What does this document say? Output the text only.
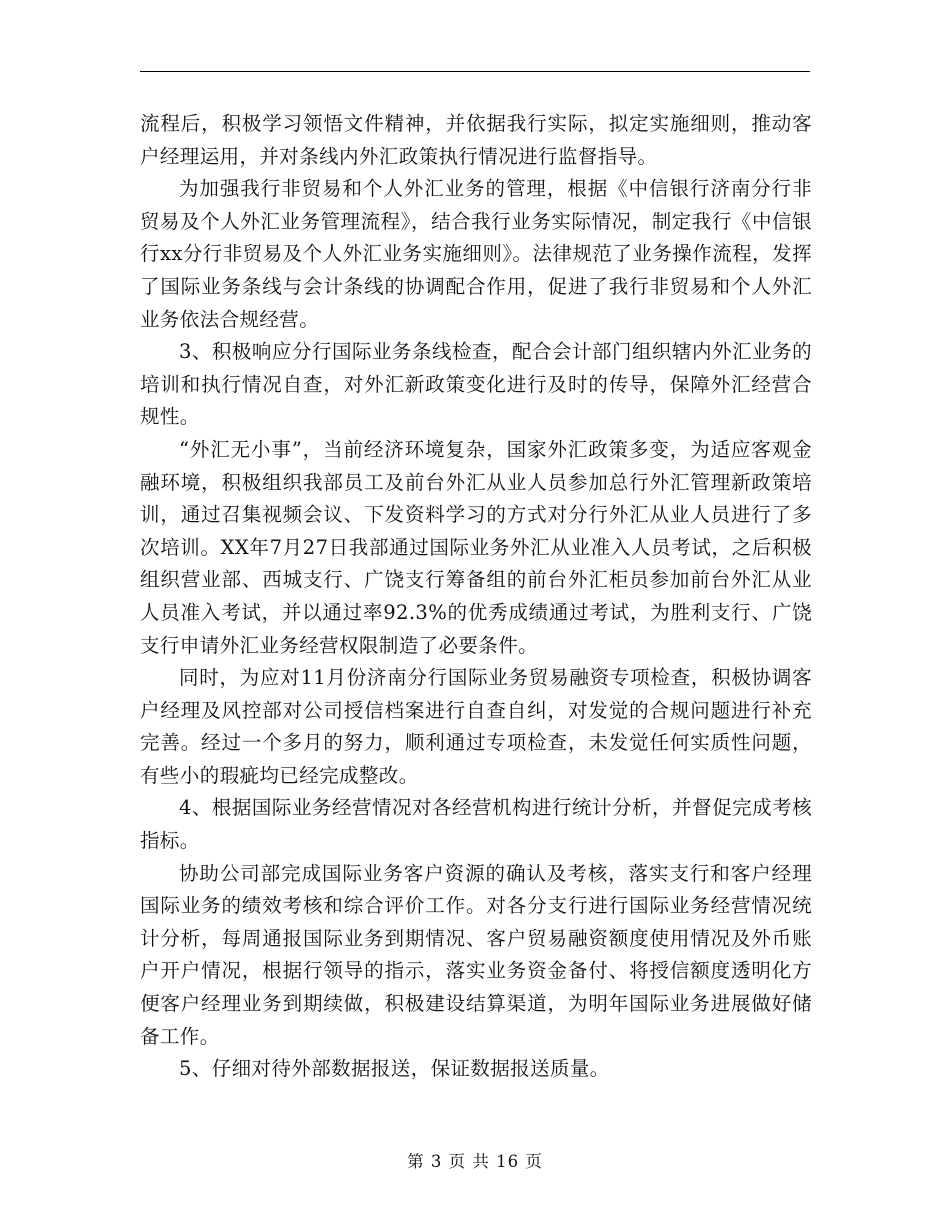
流程后，积极学习领悟文件精神，并依据我行实际，拟定实施细则，推动客户经理运用，并对条线内外汇政策执行情况进行监督指导。

为加强我行非贸易和个人外汇业务的管理，根据《中信银行济南分行非贸易及个人外汇业务管理流程》，结合我行业务实际情况，制定我行《中信银行xx分行非贸易及个人外汇业务实施细则》。法律规范了业务操作流程，发挥了国际业务条线与会计条线的协调配合作用，促进了我行非贸易和个人外汇业务依法合规经营。

3、积极响应分行国际业务条线检查，配合会计部门组织辖内外汇业务的培训和执行情况自查，对外汇新政策变化进行及时的传导，保障外汇经营合规性。

“外汇无小事”，当前经济环境复杂，国家外汇政策多变，为适应客观金融环境，积极组织我部员工及前台外汇从业人员参加总行外汇管理新政策培训，通过召集视频会议、下发资料学习的方式对分行外汇从业人员进行了多次培训。XX年7月27日我部通过国际业务外汇从业准入人员考试，之后积极组织营业部、西城支行、广饶支行筹备组的前台外汇柜员参加前台外汇从业人员准入考试，并以通过率92.3%的优秀成绩通过考试，为胜利支行、广饶支行申请外汇业务经营权限制造了必要条件。

同时，为应对11月份济南分行国际业务贸易融资专项检查，积极协调客户经理及风控部对公司授信档案进行自查自纠，对发觉的合规问题进行补充完善。经过一个多月的努力，顺利通过专项检查，未发觉任何实质性问题，有些小的瑕疵均已经完成整改。

4、根据国际业务经营情况对各经营机构进行统计分析，并督促完成考核指标。

协助公司部完成国际业务客户资源的确认及考核，落实支行和客户经理国际业务的绩效考核和综合评价工作。对各分支行进行国际业务经营情况统计分析，每周通报国际业务到期情况、客户贸易融资额度使用情况及外币账户开户情况，根据行领导的指示，落实业务资金备付、将授信额度透明化方便客户经理业务到期续做，积极建设结算渠道，为明年国际业务进展做好储备工作。

5、仔细对待外部数据报送，保证数据报送质量。

第 3 页 共 16 页
